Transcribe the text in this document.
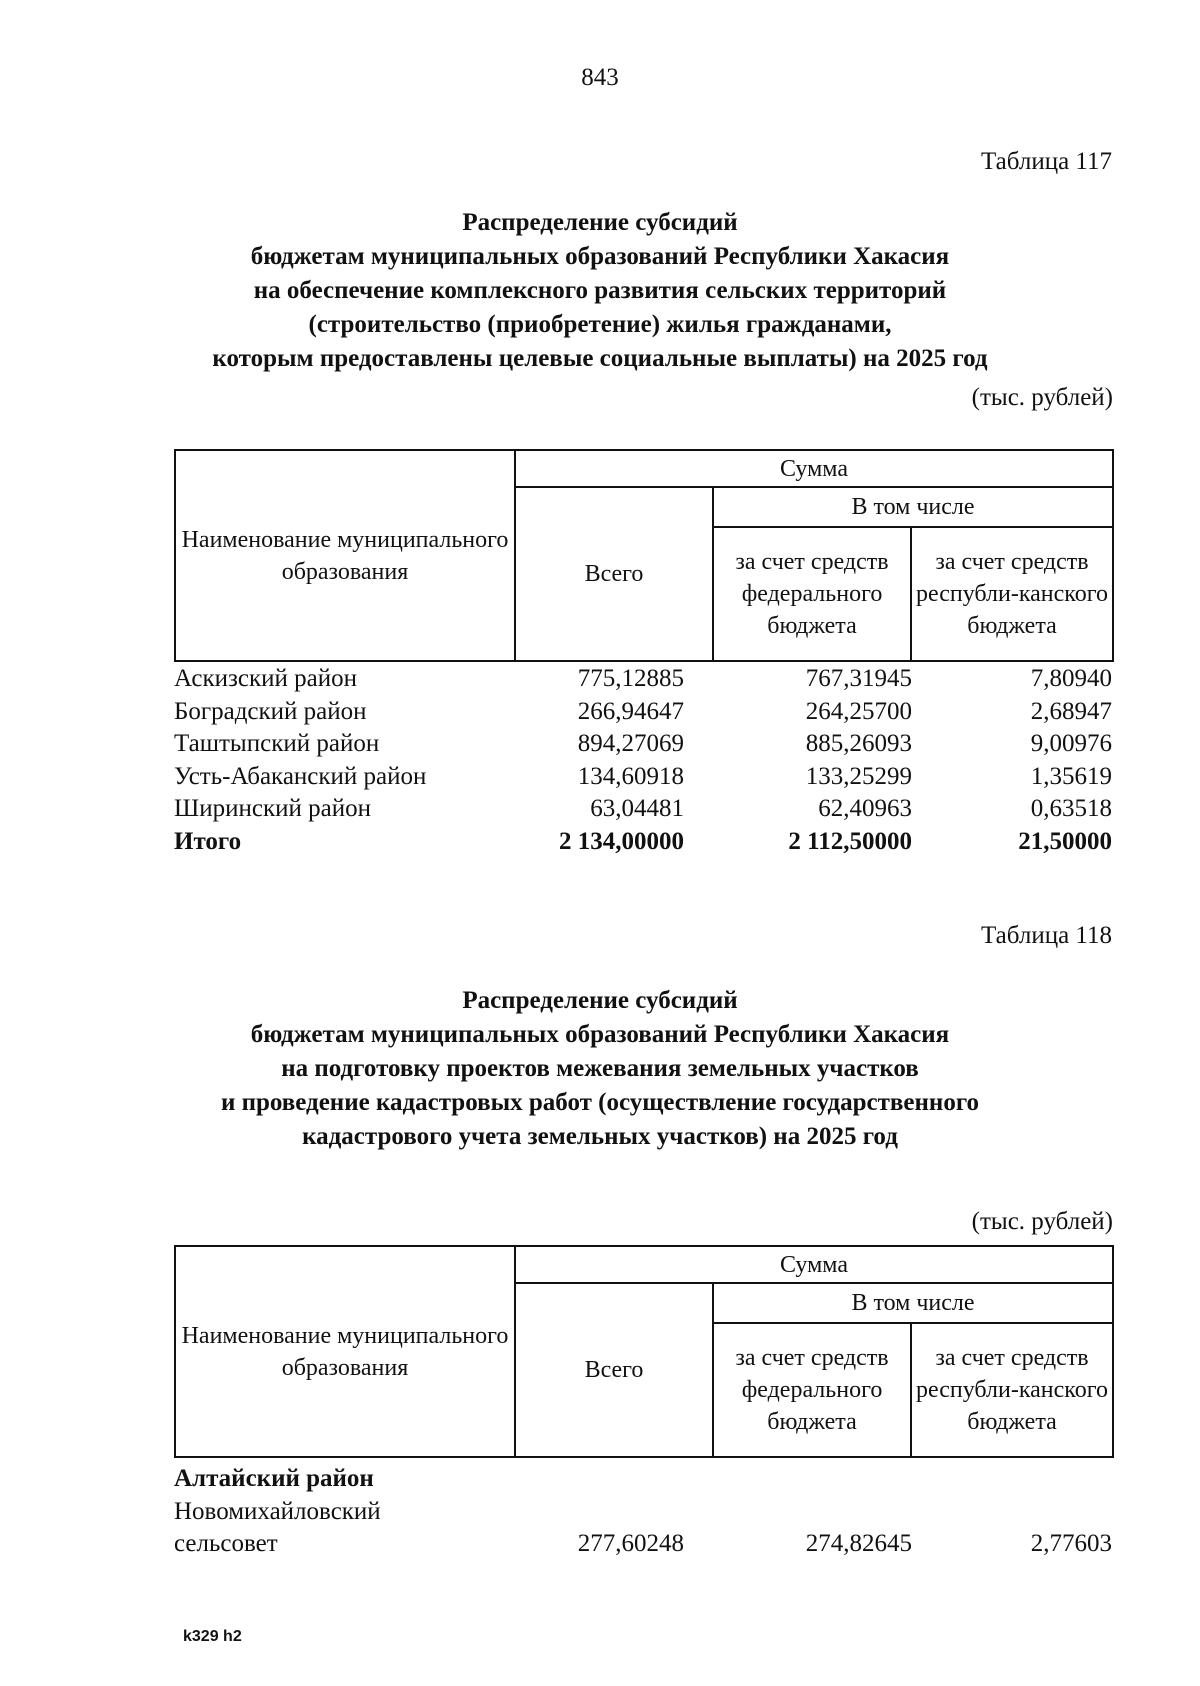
843
Таблица 117
Распределение субсидий
бюджетам муниципальных образований Республики Хакасия
на обеспечение комплексного развития сельских территорий
(строительство (приобретение) жилья гражданами,
которым предоставлены целевые социальные выплаты) на 2025 год
(тыс. рублей)
Наименование муниципального образования	Сумма		
	Всего	В том числе	
		за счет средств федерального бюджета	за счет средств республи-канского бюджета
Аскизский район	775,12885	767,31945	7,80940
Боградский район	266,94647	264,25700	2,68947
Таштыпский район	894,27069	885,26093	9,00976
Усть-Абаканский район	134,60918	133,25299	1,35619
Ширинский район	63,04481	62,40963	0,63518
Итого	2 134,00000	2 112,50000	21,50000
Таблица 118
Распределение субсидий
бюджетам муниципальных образований Республики Хакасия
на подготовку проектов межевания земельных участков
и проведение кадастровых работ (осуществление государственного
кадастрового учета земельных участков) на 2025 год
(тыс. рублей)
Наименование муниципального образования	Сумма		
	Всего	В том числе	
		за счет средств федерального бюджета	за счет средств республи-канского бюджета
Алтайский район
Новомихайловский
сельсовет	277,60248	274,82645	2,77603
k329 h2
